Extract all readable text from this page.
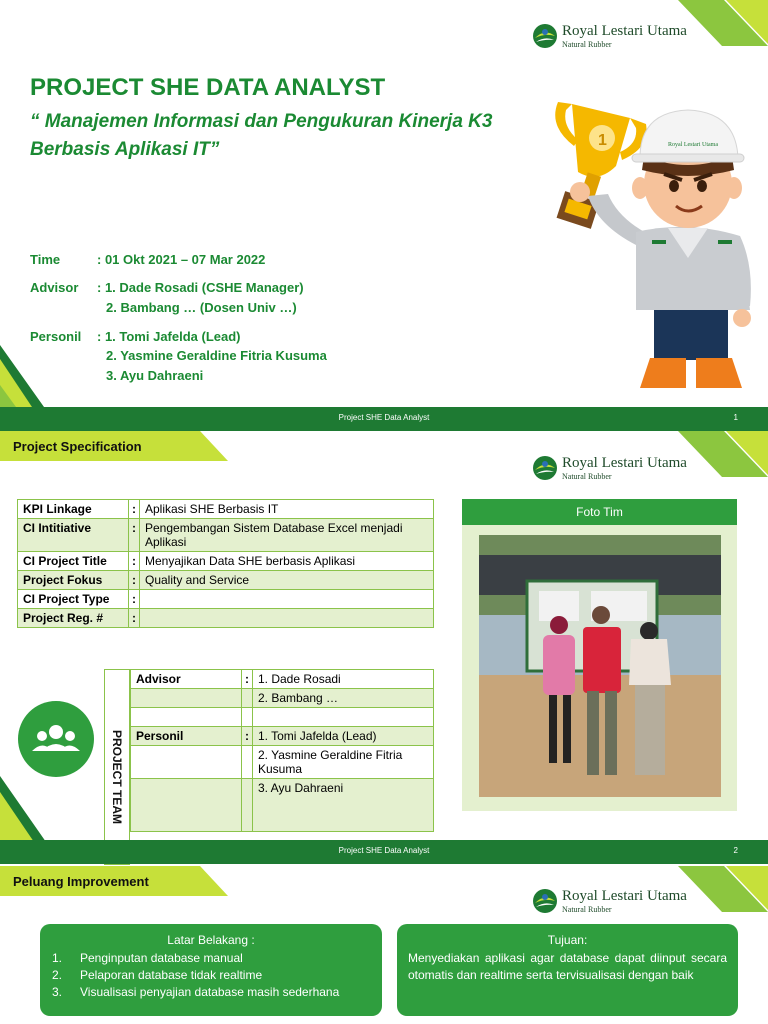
Royal Lestari Utama
Natural Rubber
PROJECT SHE DATA ANALYST
“ Manajemen Informasi dan Pengukuran Kinerja K3
Berbasis Aplikasi IT”
Time	: 01 Okt 2021 – 07 Mar 2022
Advisor : 1. Dade Rosadi (CSHE Manager)
2. Bambang … (Dosen Univ …)
Personil : 1. Tomi Jafelda (Lead)
2. Yasmine Geraldine Fitria Kusuma
3. Ayu Dahraeni
1	Royal Lestari Utama
Project SHE Data Analyst	1
Project Specification
Royal Lestari Utama
Natural Rubber
KPI Linkage	:	Aplikasi SHE Berbasis IT
CI Intitiative	:	Pengembangan Sistem Database Excel menjadi Aplikasi
CI Project Title	:	Menyajikan Data SHE berbasis Aplikasi
Project Fokus	:	Quality and Service
CI Project Type	:	
Project Reg. #	:	
PROJECT TEAM
Advisor	:	1. Dade Rosadi
		2. Bambang …

Personil	:	1. Tomi Jafelda (Lead)
		2. Yasmine Geraldine Fitria Kusuma
		3. Ayu Dahraeni
Foto Tim
Project SHE Data Analyst	2
Peluang Improvement
Royal Lestari Utama
Natural Rubber
Latar Belakang :
1. Penginputan database manual
2. Pelaporan database tidak realtime
3. Visualisasi penyajian database masih sederhana
Tujuan:
Menyediakan aplikasi agar database dapat diinput secara otomatis dan realtime serta tervisualisasi dengan baik
